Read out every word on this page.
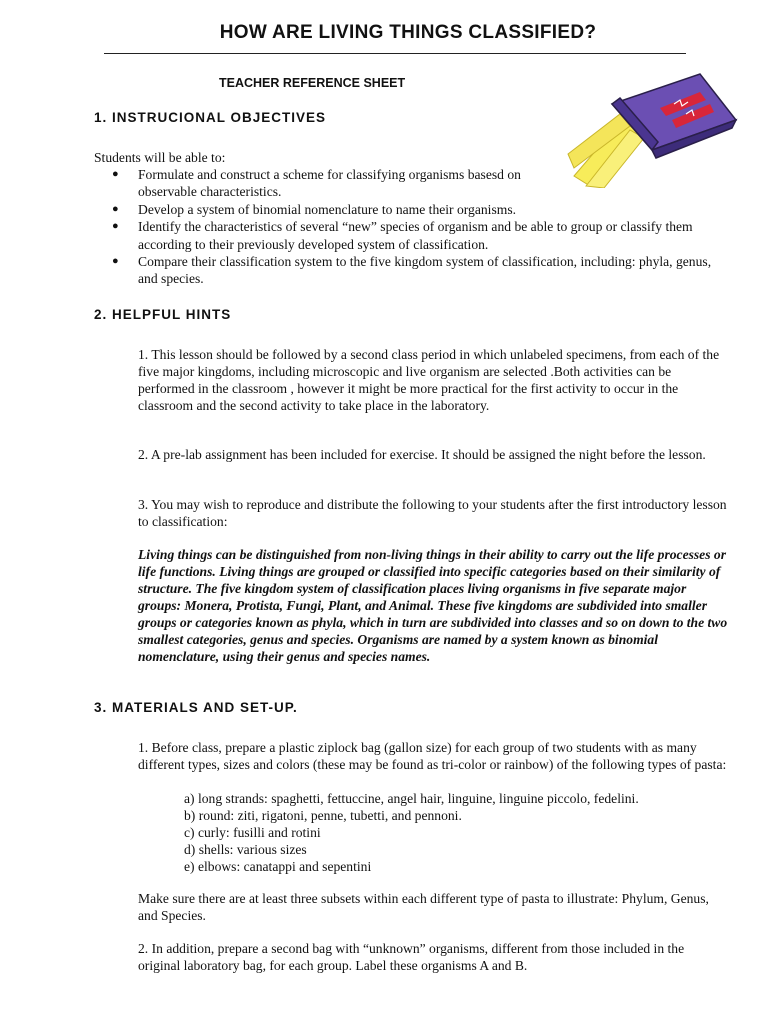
HOW ARE LIVING THINGS CLASSIFIED?
TEACHER REFERENCE SHEET
1. INSTRUCIONAL OBJECTIVES

Students will be able to:

● Formulate and construct a scheme for classifying organisms basesd on observable characteristics.
● Develop a system of binomial nomenclature to name their organisms.
● Identify the characteristics of several “new” species of organism and be able to group or classify them according to their previously developed system of classification.
● Compare their classification system to the five kingdom system of classification, including: phyla, genus, and species.
2. HELPFUL HINTS

1. This lesson should be followed by a second class period in which unlabeled specimens, from each of the five major kingdoms, including microscopic and live organism are selected .Both activities can be performed in the classroom , however it might be more practical for the first activity to occur in the classroom and the second activity to take place in the laboratory.

2. A pre-lab assignment has been included for exercise. It should be assigned the night before the lesson.

3. You may wish to reproduce and distribute the following to your students after the first introductory lesson to classification:

Living things can be distinguished from non-living things in their ability to carry out the life processes or life functions. Living things are grouped or classified into specific categories based on their similarity of structure. The five kingdom system of classification places living organisms in five separate major groups: Monera, Protista, Fungi, Plant, and Animal. These five kingdoms are subdivided into smaller groups or categories known as phyla, which in turn are subdivided into classes and so on down to the two smallest categories, genus and species. Organisms are named by a system known as binomial nomenclature, using their genus and species names.

3. MATERIALS AND SET-UP.

1. Before class, prepare a plastic ziplock bag (gallon size) for each group of two students with as many different types, sizes and colors (these may be found as tri-color or rainbow) of the following types of pasta:

a) long strands: spaghetti, fettuccine, angel hair, linguine, linguine piccolo, fedelini.
b) round: ziti, rigatoni, penne, tubetti, and pennoni.
c) curly: fusilli and rotini
d) shells: various sizes
e) elbows: canatappi and sepentini

Make sure there are at least three subsets within each different type of pasta to illustrate: Phylum, Genus, and Species.

2. In addition, prepare a second bag with “unknown” organisms, different from those included in the original laboratory bag, for each group. Label these organisms A and B.
